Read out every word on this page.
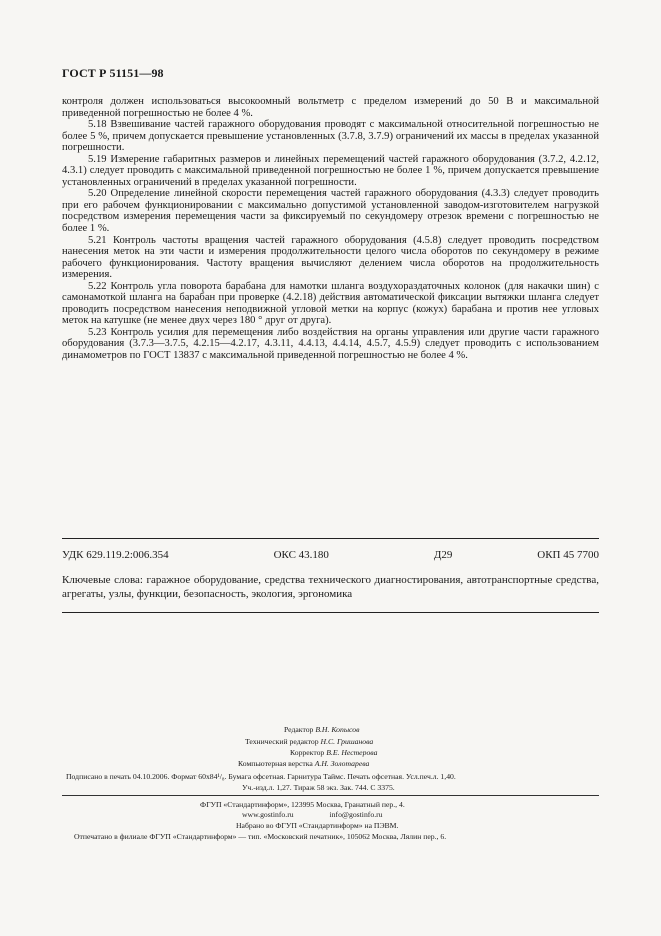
ГОСТ Р 51151—98

контроля должен использоваться высокоомный вольтметр с пределом измерений до 50 В и максимальной приведенной погрешностью не более 4 %.

5.18 Взвешивание частей гаражного оборудования проводят с максимальной относительной погрешностью не более 5 %, причем допускается превышение установленных (3.7.8, 3.7.9) ограничений их массы в пределах указанной погрешности.

5.19 Измерение габаритных размеров и линейных перемещений частей гаражного оборудования (3.7.2, 4.2.12, 4.3.1) следует проводить с максимальной приведенной погрешностью не более 1 %, причем допускается превышение установленных ограничений в пределах указанной погрешности.

5.20 Определение линейной скорости перемещения частей гаражного оборудования (4.3.3) следует проводить при его рабочем функционировании с максимально допустимой установленной заводом-изготовителем нагрузкой посредством измерения перемещения части за фиксируемый по секундомеру отрезок времени с погрешностью не более 1 %.

5.21 Контроль частоты вращения частей гаражного оборудования (4.5.8) следует проводить посредством нанесения меток на эти части и измерения продолжительности целого числа оборотов по секундомеру в режиме рабочего функционирования. Частоту вращения вычисляют делением числа оборотов на продолжительность измерения.

5.22 Контроль угла поворота барабана для намотки шланга воздухораздаточных колонок (для накачки шин) с самонамоткой шланга на барабан при проверке (4.2.18) действия автоматической фиксации вытяжки шланга следует проводить посредством нанесения неподвижной угловой метки на корпус (кожух) барабана и против нее угловых меток на катушке (не менее двух через 180 ° друг от друга).

5.23 Контроль усилия для перемещения либо воздействия на органы управления или другие части гаражного оборудования (3.7.3—3.7.5, 4.2.15—4.2.17, 4.3.11, 4.4.13, 4.4.14, 4.5.7, 4.5.9) следует проводить с использованием динамометров по ГОСТ 13837 с максимальной приведенной погрешностью не более 4 %.

УДК 629.119.2:006.354	ОКС 43.180	Д29	ОКП 45 7700

Ключевые слова: гаражное оборудование, средства технического диагностирования, автотранспортные средства, агрегаты, узлы, функции, безопасность, экология, эргономика

Редактор В.Н. Копысов
Технический редактор Н.С. Гришанова
Корректор В.Е. Нестерова
Компьютерная верстка А.Н. Золотарева
Подписано в печать 04.10.2006. Формат 60х84¹/₈. Бумага офсетная. Гарнитура Таймс. Печать офсетная. Усл.печ.л. 1,40.
Уч.-изд.л. 1,27. Тираж 58 экз. Зак. 744. С 3375.
ФГУП «Стандартинформ», 123995 Москва, Гранатный пер., 4.
www.gostinfo.ru	info@gostinfo.ru
Набрано во ФГУП «Стандартинформ» на ПЭВМ.
Отпечатано в филиале ФГУП «Стандартинформ» — тип. «Московский печатник», 105062 Москва, Лялин пер., 6.
